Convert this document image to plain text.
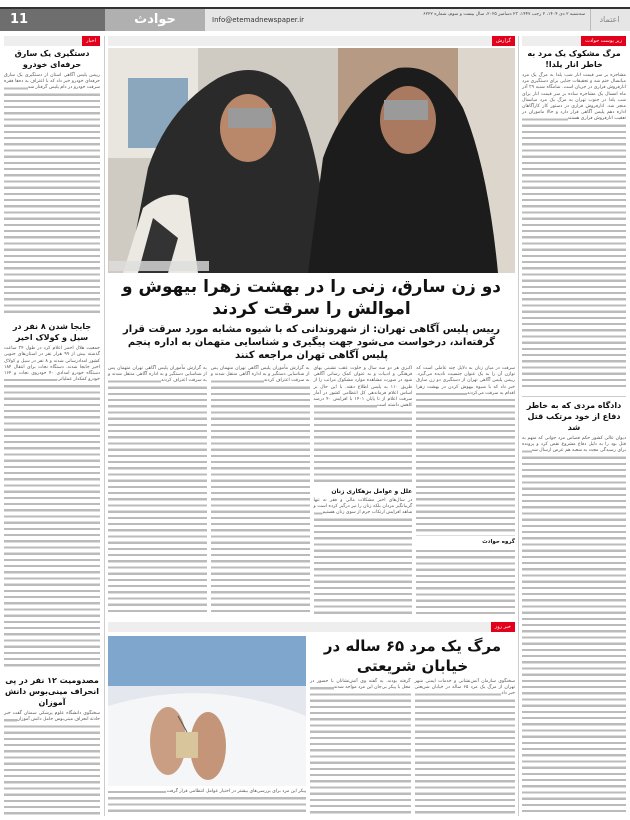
11	حوادث	Info@etemadnewspaper.ir
سه‌شنبه ۲ دی ۱۴۰۴، ۲ رجب ۱۴۴۷، ۲۳ دسامبر ۲۰۲۵، سال بیست و سوم، شماره ۶۲۲۲
اعتماد
اخبار
دستگیری یک سارق حرفه‌ای خودرو
رییس پلیس آگاهی استان از دستگیری یک سارق حرفه‌ای خودرو خبر داد که با اعتراف به ده‌ها فقره سرقت خودرو در دام پلیس گرفتار شد
جابجا شدن ۸ نفر در سیل و کولاک اخیر
جمعیت هلال احمر اعلام کرد در طول ۲۴ ساعت گذشته بیش از ۹۹ هزار نفر در استان‌های جنوبی کشور امدادرسانی شدند و ۸ نفر در سیل و کولاک اخیر جابجا شدند. دستگاه نجات برای انتقال ۱۸۴ دستگاه خودرو امدادی ۴۰ خودروی نجات و ۱۶۴ خودرو کمکدار عملیاتی
مصدومیت ۱۲ نفر در پی انحراف مینی‌بوس دانش آموزان
سخنگوی دانشگاه علوم پزشکی سمنان گفت خبر حادثه انحراف مینی‌بوس حامل دانش آموزان
زیر پوست حوادث
مرگ مشکوک یک مرد به خاطر انار یلدا!
مشاجره بر سر قیمت انار شب یلدا به مرگ یک مرد میانسال ختم شد و تحقیقات جنایی برای دستگیری مرد انارفروش فراری در جریان است. شامگاه شنبه ۲۹ آذر ماه امسال یک مشاجره ساده بر سر قیمت انار برای شب یلدا در جنوب تهران به مرگ یک مرد میانسال منجر شد. انارفروش فراری در دستور کار کارآگاهان اداره دهم پلیس آگاهی قرار دارد و حالا ماموران در تعقیب انارفروش فراری هستند
دادگاه مردی که به خاطر دفاع از خود مرتکب قتل شد
دیوان عالی کشور حکم قصاص مرد جوانی که متهم به قتل بود را به دلیل دفاع مشروع نقض کرد و پرونده برای رسیدگی مجدد به شعبه هم عرض ارسال شد
گزارش
دو زن سارق، زنی را در بهشت زهرا بیهوش و اموالش را سرقت کردند
رییس پلیس آگاهی تهران: از شهروندانی که با شیوه مشابه مورد سرقت قرار گرفته‌اند، درخواست می‌شود جهت پیگیری و شناسایی متهمان به اداره پنجم پلیس آگاهی تهران مراجعه کنند
سرقت در میان زنان به دلایل چند عاملی است که توازن آن را به یک عنوان جنسیت نادیده می‌گیرد. رییس پلیس آگاهی تهران از دستگیری دو زن سارق خبر داد که با شیوه بیهوش کردن در بهشت زهرا اقدام به سرقت می‌کردند
گروه حوادث
اکبری هر دو سه سال و خلوت عقب نشینی بهای فرهنگی و ادبیات و به عنوان کمک رسانی آگاهی شود در صورت مشاهده موارد مشکوک مراتب را از طریق ۱۱۰ به پلیس اطلاع دهند. با این حال بر اساس اعلام فرماندهی کل انتظامی کشور در آمار سرقت اعلام از تا پایان ۱۴۰۱ با افزایش ۴۰ درصد کاهش داشته است
علل و عوامل بزهکاری زنان
در سال‌های اخیر مشکلات مالی و فقر نه تنها گریبانگیر مردان بلکه زنان را نیز درگیر کرده است و شاهد افزایش ارتکاب جرم از سوی زنان هستیم
به گزارش مأموران پلیس آگاهی تهران متهمان پس از شناسایی دستگیر و به اداره آگاهی منتقل شدند و به سرقت اعتراف کردند
به گزارش مأموران پلیس آگاهی تهران متهمان پس از شناسایی دستگیر و به اداره آگاهی منتقل شدند و به سرقت اعتراف کردند
خبر روز
مرگ یک مرد ۶۵ ساله در خیابان شریعتی
سخنگوی سازمان آتش‌نشانی و خدمات ایمنی شهر تهران از مرگ یک مرد ۶۵ ساله در خیابان شریعتی خبر داد
گرفته بودند. به گفته وی آتش‌نشانان با حضور در محل با پیکر بی‌جان این مرد مواجه شدند
پیکر این مرد برای بررسی‌های بیشتر در اختیار عوامل انتظامی قرار گرفت
